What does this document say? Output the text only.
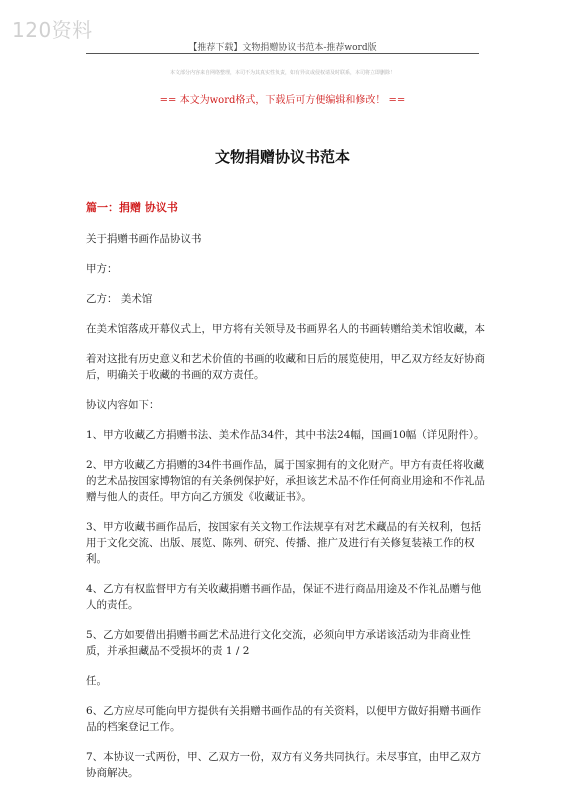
120资料
【推荐下载】文物捐赠协议书范本-推荐word版
本文部分内容来自网络整理，本司不为其真实性负责，如有异议或侵权请及时联系，本司将立即删除！
== 本文为word格式，下载后可方便编辑和修改！ ==
文物捐赠协议书范本
篇一：捐赠 协议书

关于捐赠书画作品协议书

甲方：

乙方： 美术馆

在美术馆落成开幕仪式上，甲方将有关领导及书画界名人的书画转赠给美术馆收藏，本

着对这批有历史意义和艺术价值的书画的收藏和日后的展览使用，甲乙双方经友好协商后，明确关于收藏的书画的双方责任。

协议内容如下：

1、甲方收藏乙方捐赠书法、美术作品34件，其中书法24幅，国画10幅（详见附件）。

2、甲方收藏乙方捐赠的34件书画作品，属于国家拥有的文化财产。甲方有责任将收藏的艺术品按国家博物馆的有关条例保护好，承担该艺术品不作任何商业用途和不作礼品赠与他人的责任。甲方向乙方颁发《收藏证书》。

3、甲方收藏书画作品后，按国家有关文物工作法规享有对艺术藏品的有关权利，包括用于文化交流、出版、展览、陈列、研究、传播、推广及进行有关修复装裱工作的权利。

4、乙方有权监督甲方有关收藏捐赠书画作品，保证不进行商品用途及不作礼品赠与他人的责任。

5、乙方如要借出捐赠书画艺术品进行文化交流，必须向甲方承诺该活动为非商业性质，并承担藏品不受损坏的责 1 / 2

任。

6、乙方应尽可能向甲方提供有关捐赠书画作品的有关资料，以便甲方做好捐赠书画作品的档案登记工作。

7、本协议一式两份，甲、乙双方一份，双方有义务共同执行。未尽事宜，由甲乙双方协商解决。
